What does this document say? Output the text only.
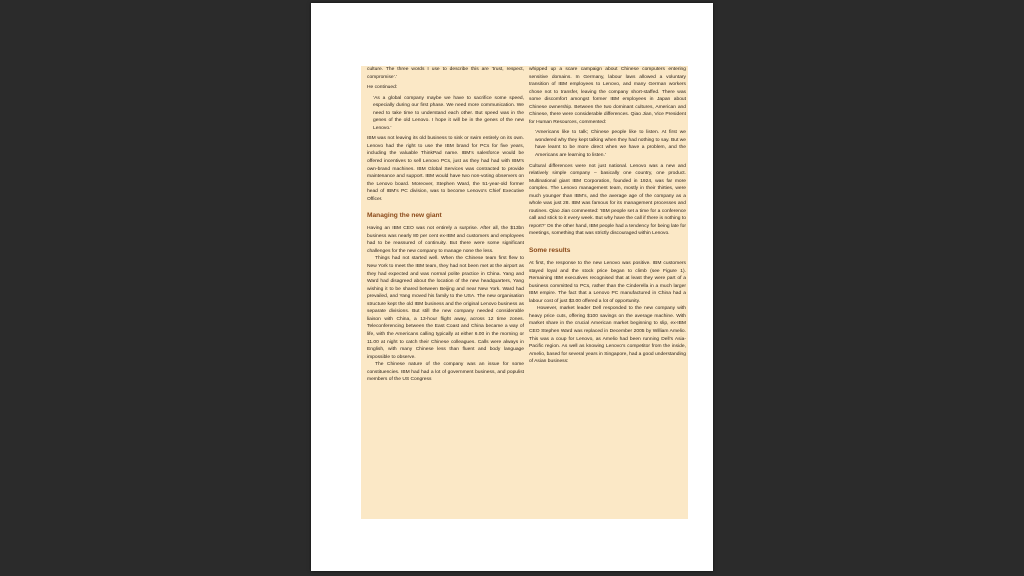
culture. The three words I use to describe this are ‘trust, respect, compromise’.’

He continued:

‘As a global company maybe we have to sacrifice some speed, especially during our first phase. We need more communication. We need to take time to understand each other. But speed was in the genes of the old Lenovo. I hope it will be in the genes of the new Lenovo.’

IBM was not leaving its old business to sink or swim entirely on its own. Lenovo had the right to use the IBM brand for PCs for five years, including the valuable ThinkPad name. IBM’s salesforce would be offered incentives to sell Lenovo PCs, just as they had had with IBM’s own-brand machines. IBM Global Services was contracted to provide maintenance and support. IBM would have two non-voting observers on the Lenovo board. Moreover, Stephen Ward, the 51-year-old former head of IBM’s PC division, was to become Lenovo’s Chief Executive Officer.

Managing the new giant

Having an IBM CEO was not entirely a surprise. After all, the $13bn business was nearly 80 per cent ex-IBM and customers and employees had to be reassured of continuity. But there were some significant challenges for the new company to manage none the less.

Things had not started well. When the Chinese team first flew to New York to meet the IBM team, they had not been met at the airport as they had expected and was normal polite practice in China. Yang and Ward had disagreed about the location of the new headquarters, Yang wishing it to be shared between Beijing and near New York. Ward had prevailed, and Yang moved his family to the USA. The new organisation structure kept the old IBM business and the original Lenovo business as separate divisions. But still the new company needed considerable liaison with China, a 13-hour flight away, across 12 time zones. Teleconferencing between the East Coast and China became a way of life, with the Americans calling typically at either 6.00 in the morning or 11.00 at night to catch their Chinese colleagues. Calls were always in English, with many Chinese less than fluent and body language impossible to observe.

The Chinese nature of the company was an issue for some constituencies. IBM had had a lot of government business, and populist members of the US Congress

whipped up a scare campaign about Chinese computers entering sensitive domains. In Germany, labour laws allowed a voluntary transition of IBM employees to Lenovo, and many German workers chose not to transfer, leaving the company short-staffed. There was some discomfort amongst former IBM employees in Japan about Chinese ownership. Between the two dominant cultures, American and Chinese, there were considerable differences. Qiao Jian, Vice President for Human Resources, commented:

‘Americans like to talk; Chinese people like to listen. At first we wondered why they kept talking when they had nothing to say. But we have learnt to be more direct when we have a problem, and the Americans are learning to listen.’

Cultural differences were not just national. Lenovo was a new and relatively simple company – basically one country, one product. Multinational giant IBM Corporation, founded in 1924, was far more complex. The Lenovo management team, mostly in their thirties, were much younger than IBM’s, and the average age of the company as a whole was just 28. IBM was famous for its management processes and routines. Qiao Jian commented: ‘IBM people set a time for a conference call and stick to it every week. But why have the call if there is nothing to report?’ On the other hand, IBM people had a tendency for being late for meetings, something that was strictly discouraged within Lenovo.

Some results

At first, the response to the new Lenovo was positive. IBM customers stayed loyal and the stock price began to climb (see Figure 1). Remaining IBM executives recognised that at least they were part of a business committed to PCs, rather than the Cinderella in a much larger IBM empire. The fact that a Lenovo PC manufactured in China had a labour cost of just $3.00 offered a lot of opportunity.

However, market leader Dell responded to the new company with heavy price cuts, offering $100 savings on the average machine. With market share in the crucial American market beginning to slip, ex-IBM CEO Stephen Ward was replaced in December 2005 by William Amelio. This was a coup for Lenovo, as Amelio had been running Dell’s Asia-Pacific region. As well as knowing Lenovo’s competitor from the inside, Amelio, based for several years in Singapore, had a good understanding of Asian business:
